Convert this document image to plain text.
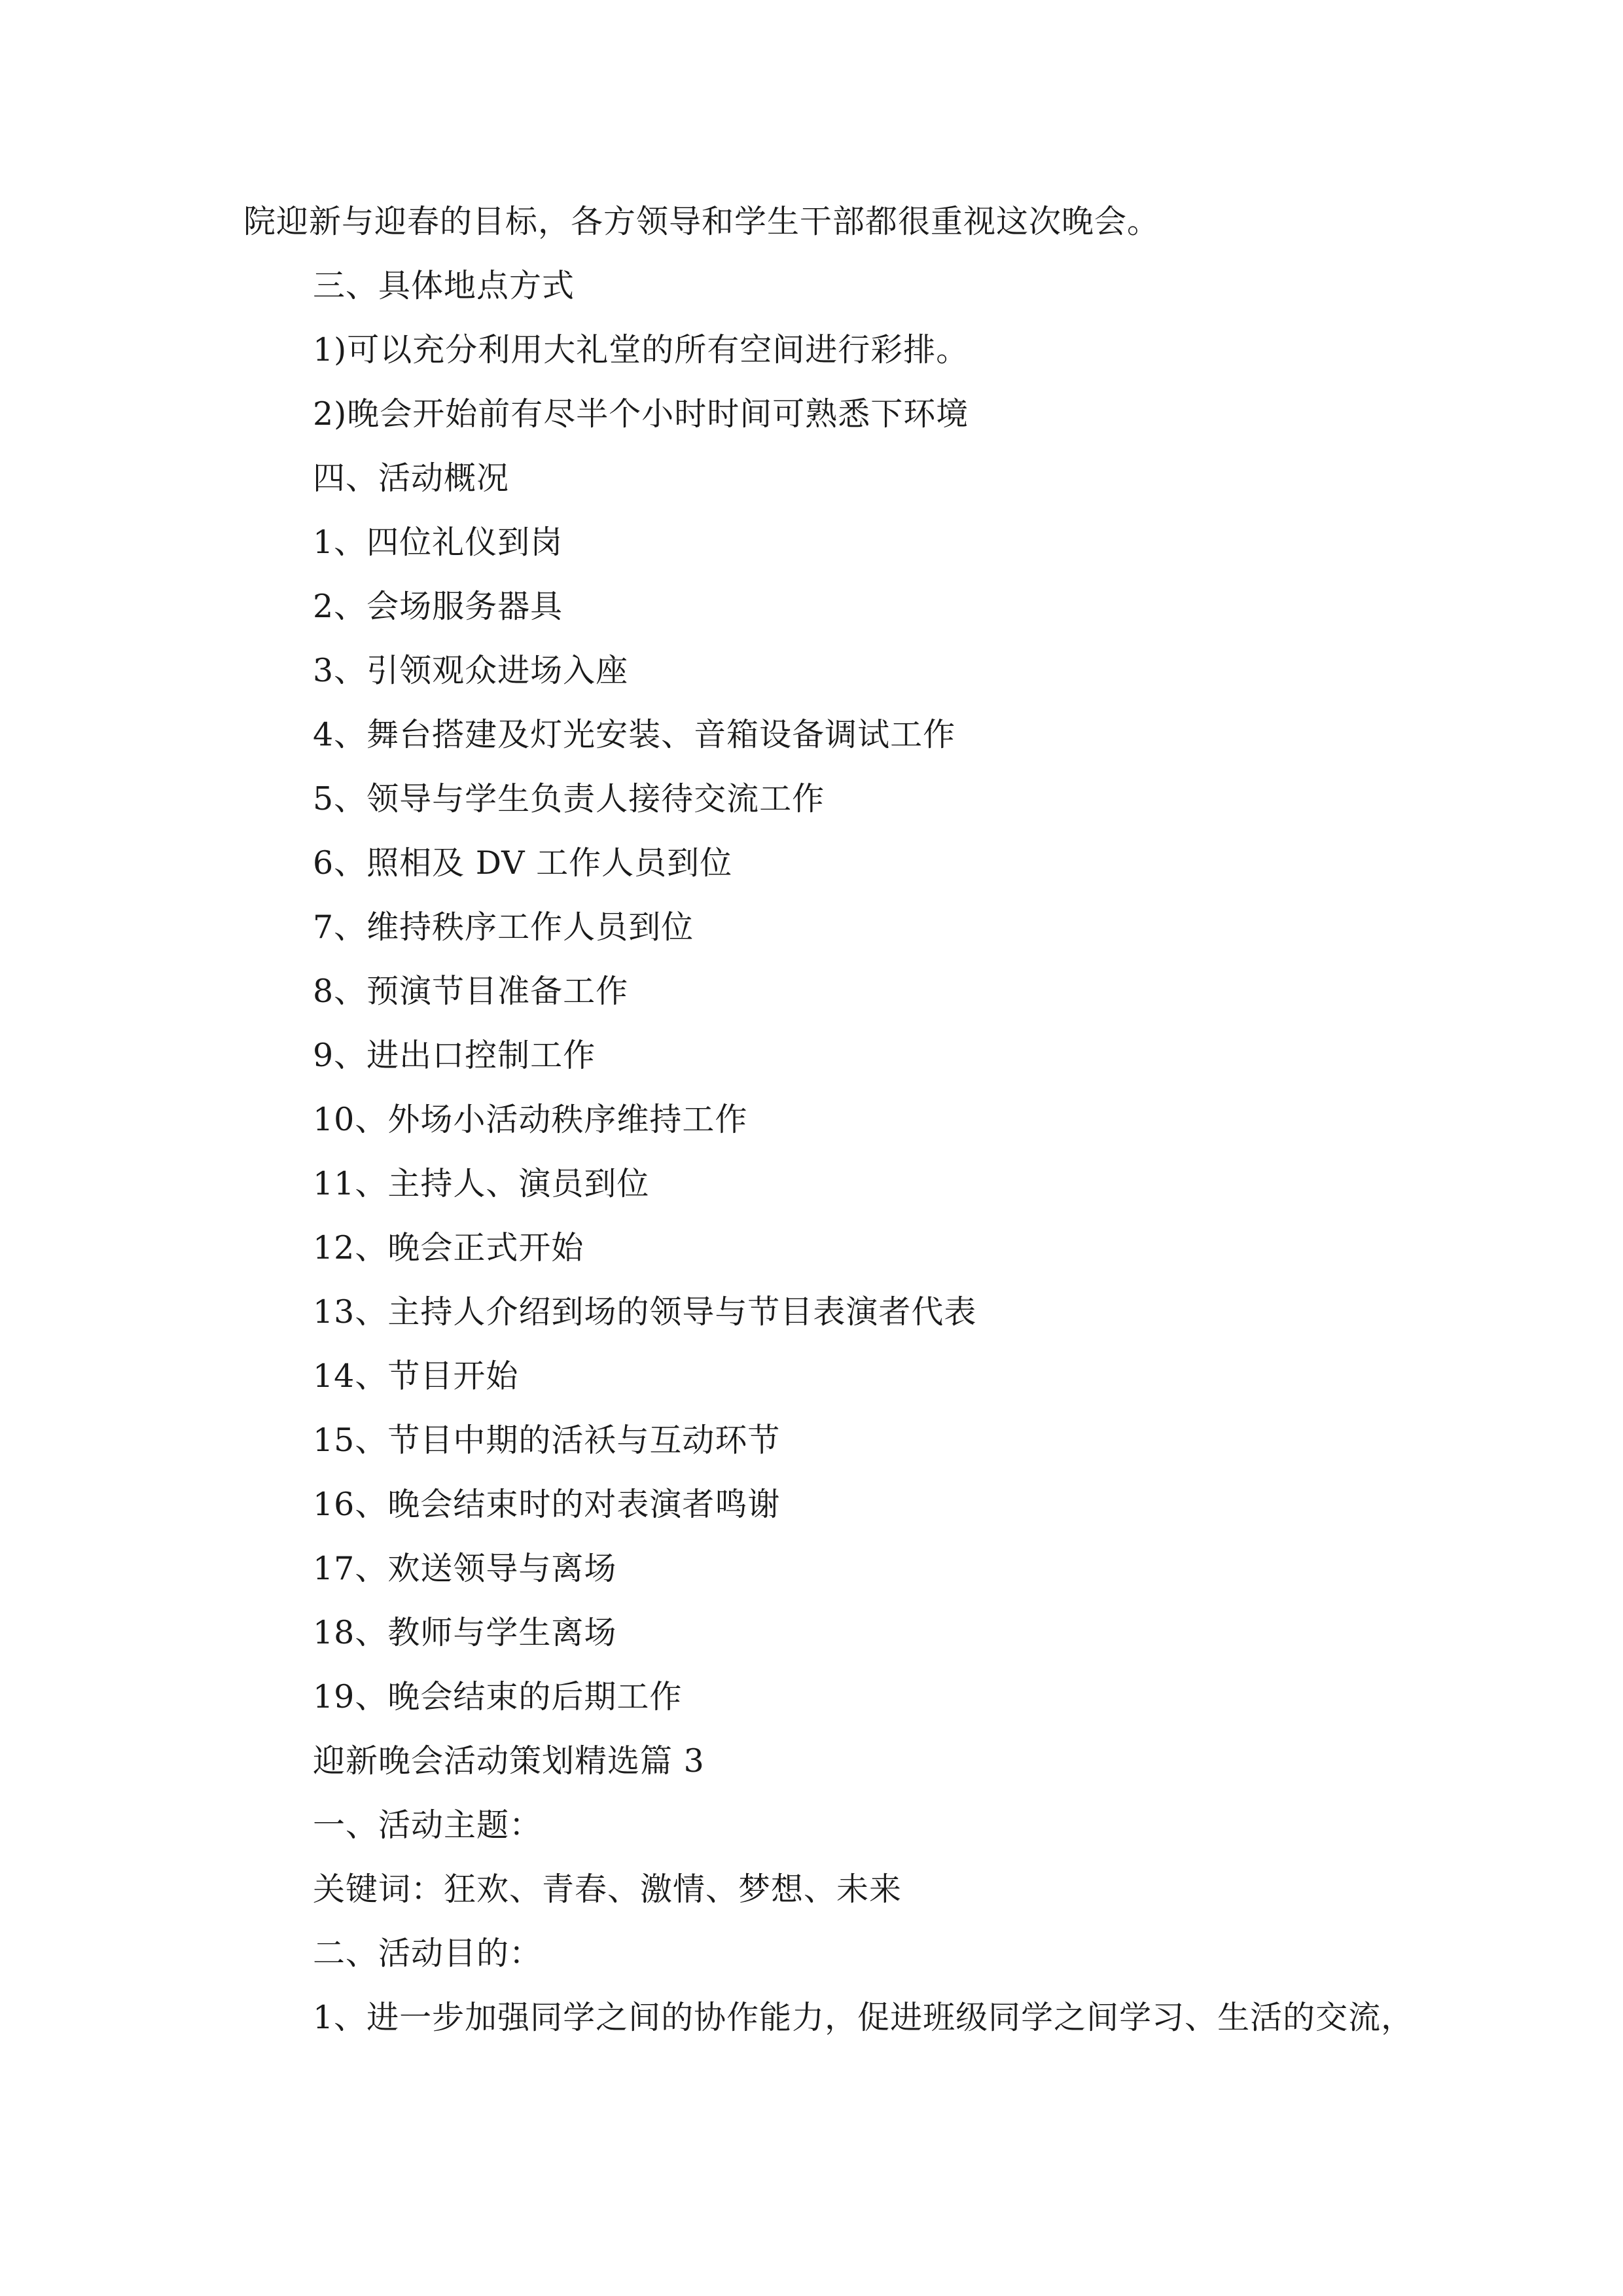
院迎新与迎春的目标，各方领导和学生干部都很重视这次晚会。
三、具体地点方式
1)可以充分利用大礼堂的所有空间进行彩排。
2)晚会开始前有尽半个小时时间可熟悉下环境
四、活动概况
1、四位礼仪到岗
2、会场服务器具
3、引领观众进场入座
4、舞台搭建及灯光安装、音箱设备调试工作
5、领导与学生负责人接待交流工作
6、照相及 DV 工作人员到位
7、维持秩序工作人员到位
8、预演节目准备工作
9、进出口控制工作
10、外场小活动秩序维持工作
11、主持人、演员到位
12、晚会正式开始
13、主持人介绍到场的领导与节目表演者代表
14、节目开始
15、节目中期的活袄与互动环节
16、晚会结束时的对表演者鸣谢
17、欢送领导与离场
18、教师与学生离场
19、晚会结束的后期工作
迎新晚会活动策划精选篇 3
一、活动主题：
关键词：狂欢、青春、激情、梦想、未来
二、活动目的：
1、进一步加强同学之间的协作能力，促进班级同学之间学习、生活的交流，
